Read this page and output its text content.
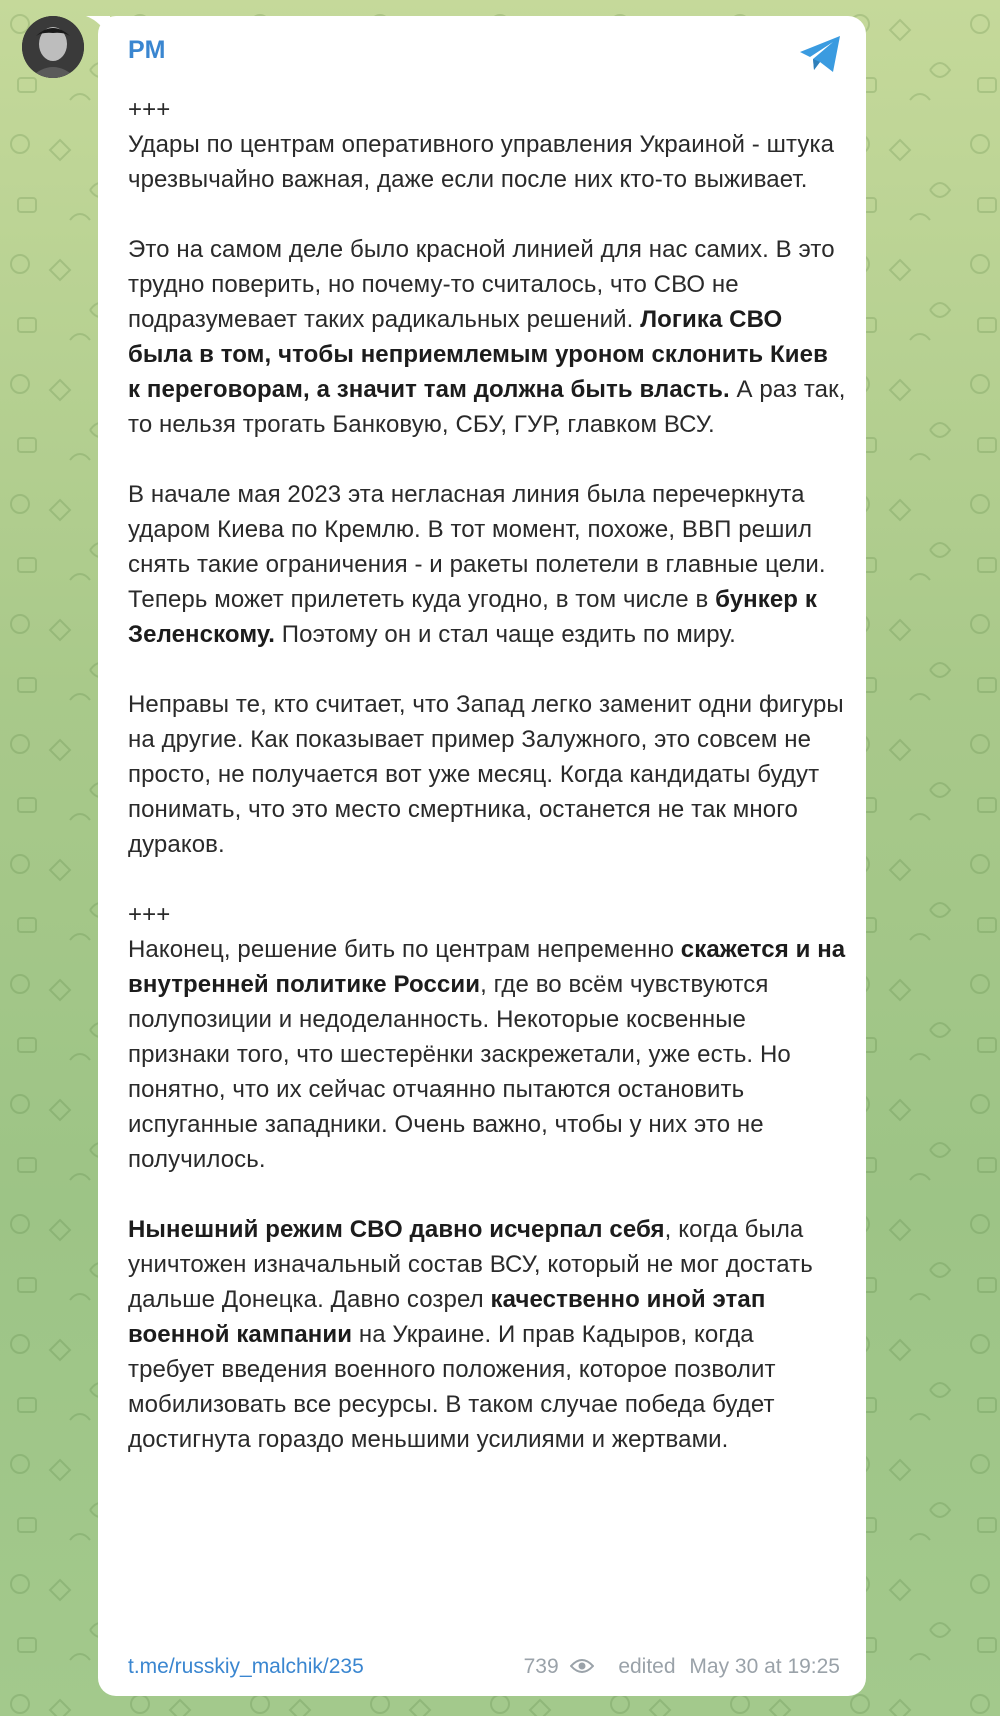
PM

+++
Удары по центрам оперативного управления Украиной - штука чрезвычайно важная, даже если после них кто-то выживает.

Это на самом деле было красной линией для нас самих. В это трудно поверить, но почему-то считалось, что СВО не подразумевает таких радикальных решений. Логика СВО была в том, чтобы неприемлемым уроном склонить Киев к переговорам, а значит там должна быть власть. А раз так, то нельзя трогать Банковую, СБУ, ГУР, главком ВСУ.

В начале мая 2023 эта негласная линия была перечеркнута ударом Киева по Кремлю. В тот момент, похоже, ВВП решил снять такие ограничения - и ракеты полетели в главные цели. Теперь может прилететь куда угодно, в том числе в бункер к Зеленскому. Поэтому он и стал чаще ездить по миру.

Неправы те, кто считает, что Запад легко заменит одни фигуры на другие. Как показывает пример Залужного, это совсем не просто, не получается вот уже месяц. Когда кандидаты будут понимать, что это место смертника, останется не так много дураков.

+++
Наконец, решение бить по центрам непременно скажется и на внутренней политике России, где во всём чувствуются полупозиции и недоделанность. Некоторые косвенные признаки того, что шестерёнки заскрежетали, уже есть. Но понятно, что их сейчас отчаянно пытаются остановить испуганные западники. Очень важно, чтобы у них это не получилось.

Нынешний режим СВО давно исчерпал себя, когда была уничтожен изначальный состав ВСУ, который не мог достать дальше Донецка. Давно созрел качественно иной этап военной кампании на Украине. И прав Кадыров, когда требует введения военного положения, которое позволит мобилизовать все ресурсы. В таком случае победа будет достигнута гораздо меньшими усилиями и жертвами.

t.me/russkiy_malchik/235	739	edited May 30 at 19:25
